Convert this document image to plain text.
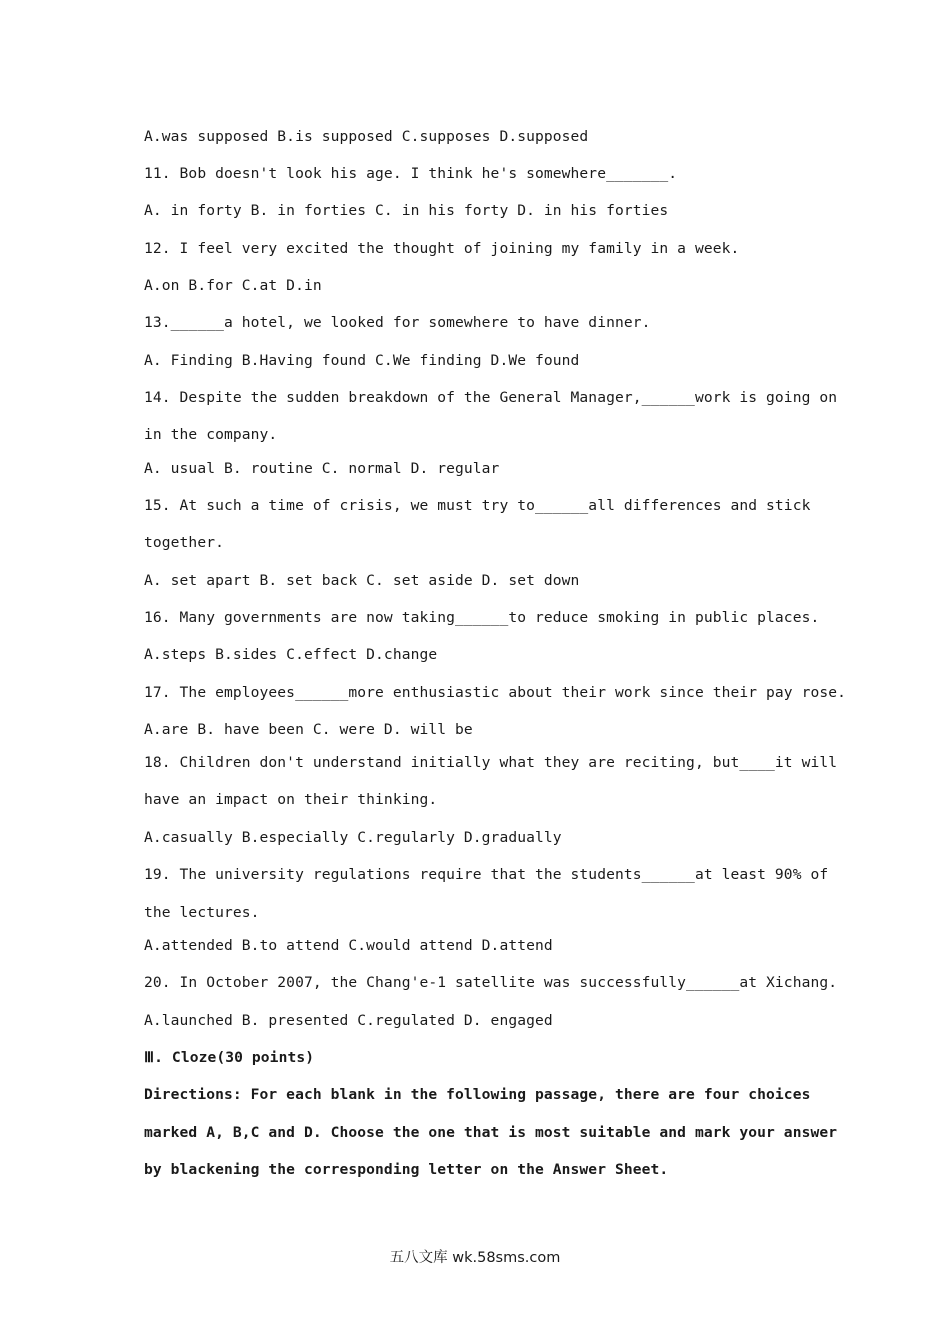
A.was supposed B.is supposed C.supposes D.supposed
11. Bob doesn't look his age. I think he's somewhere_______.
A. in forty B. in forties C. in his forty D. in his forties
12. I feel very excited the thought of joining my family in a week.
A.on B.for C.at D.in
13.______a hotel, we looked for somewhere to have dinner.
A. Finding B.Having found C.We finding D.We found
14. Despite the sudden breakdown of the General Manager,______work is going on
in the company.
A. usual B. routine C. normal D. regular
15. At such a time of crisis, we must try to______all differences and stick
together.
A. set apart B. set back C. set aside D. set down
16. Many governments are now taking______to reduce smoking in public places.
A.steps B.sides C.effect D.change
17. The employees______more enthusiastic about their work since their pay rose.
A.are B. have been C. were D. will be
18. Children don't understand initially what they are reciting, but____it will
have an impact on their thinking.
A.casually B.especially C.regularly D.gradually
19. The university regulations require that the students______at least 90% of
the lectures.
A.attended B.to attend C.would attend D.attend
20. In October 2007, the Chang'e-1 satellite was successfully______at Xichang.
A.launched B. presented C.regulated D. engaged
Ⅲ. Cloze(30 points)
Directions: For each blank in the following passage, there are four choices
marked A, B,C and D. Choose the one that is most suitable and mark your answer
by blackening the corresponding letter on the Answer Sheet.
五八文库 wk.58sms.com
